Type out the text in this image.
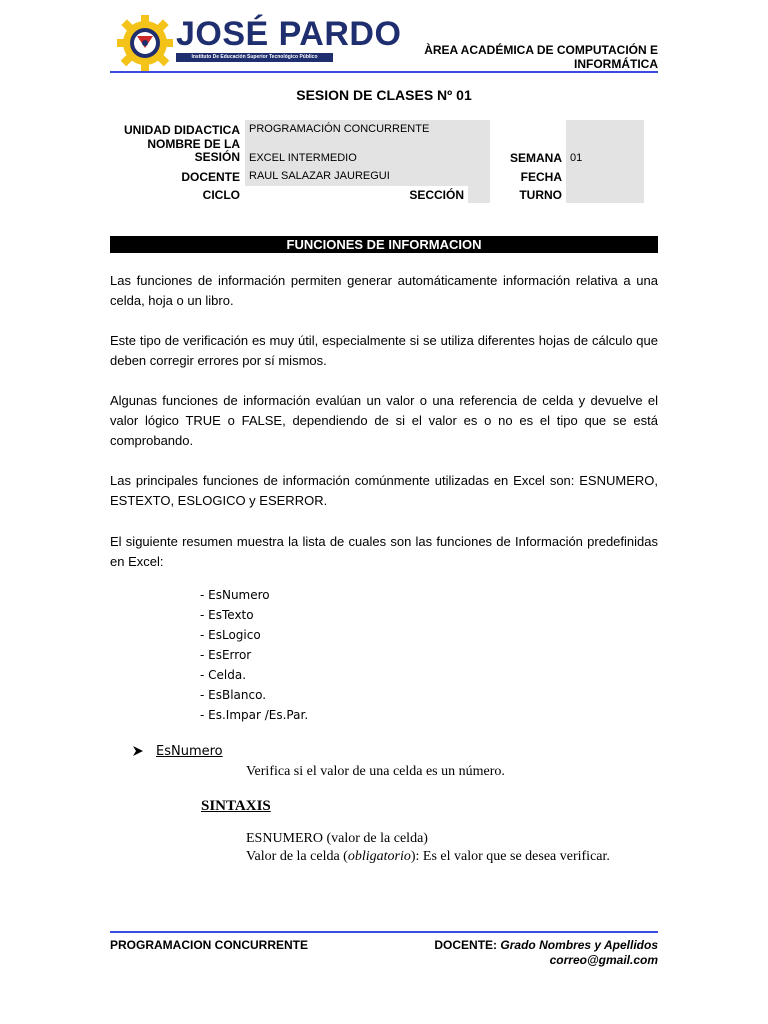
JOSÉ PARDO
Instituto De Educación Superior Tecnológico Público	ÀREA ACADÉMICA DE COMPUTACIÓN E
INFORMÁTICA
SESION DE CLASES Nº 01
UNIDAD DIDACTICA PROGRAMACIÓN CONCURRENTE
NOMBRE DE LA
SESIÓN EXCEL INTERMEDIO	SEMANA 01
DOCENTE RAUL SALAZAR JAUREGUI	FECHA
CICLO	SECCIÓN	TURNO
FUNCIONES DE INFORMACION
Las funciones de información permiten generar automáticamente información relativa a una celda, hoja o un libro.
Este tipo de verificación es muy útil, especialmente si se utiliza diferentes hojas de cálculo que deben corregir errores por sí mismos.
Algunas funciones de información evalúan un valor o una referencia de celda y devuelve el valor lógico TRUE o FALSE, dependiendo de si el valor es o no es el tipo que se está comprobando.
Las principales funciones de información comúnmente utilizadas en Excel son: ESNUMERO, ESTEXTO, ESLOGICO y ESERROR.
El siguiente resumen muestra la lista de cuales son las funciones de Información predefinidas en Excel:
- EsNumero
- EsTexto
- EsLogico
- EsError
- Celda.
- EsBlanco.
- Es.Impar /Es.Par.
EsNumero
Verifica si el valor de una celda es un número.
SINTAXIS
ESNUMERO (valor de la celda)
Valor de la celda (obligatorio): Es el valor que se desea verificar.
PROGRAMACION CONCURRENTE	DOCENTE: Grado Nombres y Apellidos
correo@gmail.com
